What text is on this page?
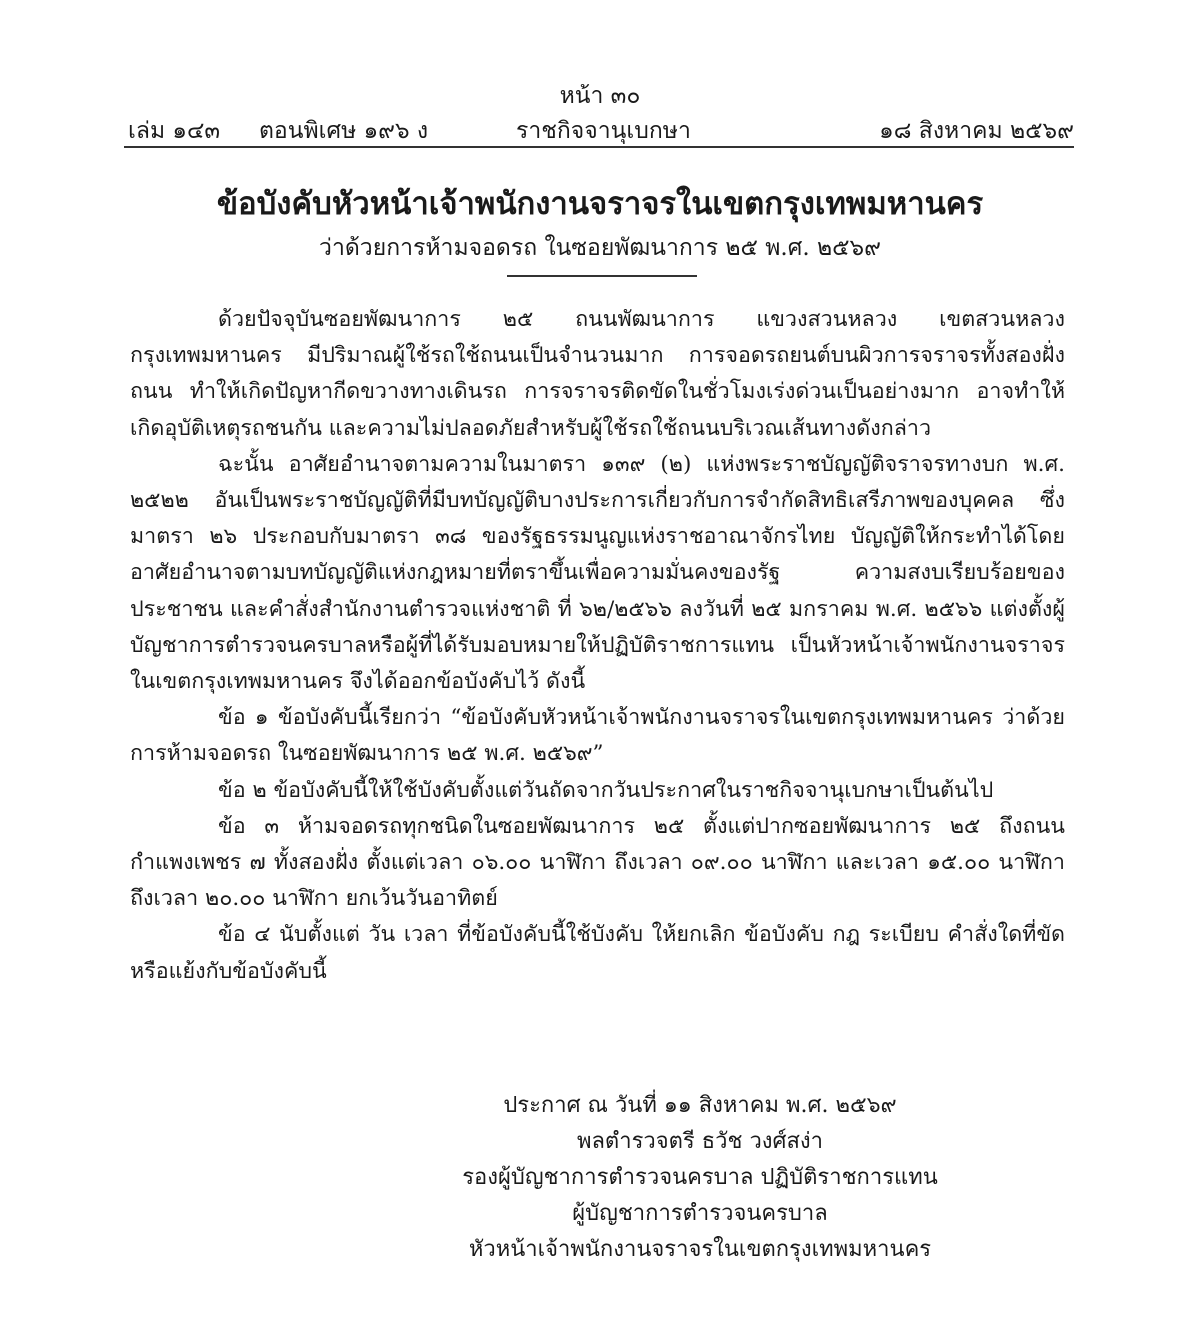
หน้า ๓๐
เล่ม ๑๔๓ ตอนพิเศษ ๑๙๖ ง	ราชกิจจานุเบกษา	๑๘ สิงหาคม ๒๕๖๙
ข้อบังคับหัวหน้าเจ้าพนักงานจราจรในเขตกรุงเทพมหานคร
ว่าด้วยการห้ามจอดรถ ในซอยพัฒนาการ ๒๕ พ.ศ. ๒๕๖๙

ด้วยปัจจุบันซอยพัฒนาการ ๒๕ ถนนพัฒนาการ แขวงสวนหลวง เขตสวนหลวง กรุงเทพมหานคร มีปริมาณผู้ใช้รถใช้ถนนเป็นจำนวนมาก การจอดรถยนต์บนผิวการจราจรทั้งสองฝั่งถนน ทำให้เกิดปัญหากีดขวางทางเดินรถ การจราจรติดขัดในชั่วโมงเร่งด่วนเป็นอย่างมาก อาจทำให้เกิดอุบัติเหตุรถชนกัน และความไม่ปลอดภัยสำหรับผู้ใช้รถใช้ถนนบริเวณเส้นทางดังกล่าว

ฉะนั้น อาศัยอำนาจตามความในมาตรา ๑๓๙ (๒) แห่งพระราชบัญญัติจราจรทางบก พ.ศ. ๒๕๒๒ อันเป็นพระราชบัญญัติที่มีบทบัญญัติบางประการเกี่ยวกับการจำกัดสิทธิเสรีภาพของบุคคล ซึ่งมาตรา ๒๖ ประกอบกับมาตรา ๓๘ ของรัฐธรรมนูญแห่งราชอาณาจักรไทย บัญญัติให้กระทำได้โดยอาศัยอำนาจตามบทบัญญัติแห่งกฎหมายที่ตราขึ้นเพื่อความมั่นคงของรัฐ ความสงบเรียบร้อยของประชาชน และคำสั่งสำนักงานตำรวจแห่งชาติ ที่ ๖๒/๒๕๖๖ ลงวันที่ ๒๕ มกราคม พ.ศ. ๒๕๖๖ แต่งตั้งผู้บัญชาการตำรวจนครบาลหรือผู้ที่ได้รับมอบหมายให้ปฏิบัติราชการแทน เป็นหัวหน้าเจ้าพนักงานจราจรในเขตกรุงเทพมหานคร จึงได้ออกข้อบังคับไว้ ดังนี้

ข้อ ๑ ข้อบังคับนี้เรียกว่า “ข้อบังคับหัวหน้าเจ้าพนักงานจราจรในเขตกรุงเทพมหานคร ว่าด้วยการห้ามจอดรถ ในซอยพัฒนาการ ๒๕ พ.ศ. ๒๕๖๙”

ข้อ ๒ ข้อบังคับนี้ให้ใช้บังคับตั้งแต่วันถัดจากวันประกาศในราชกิจจานุเบกษาเป็นต้นไป

ข้อ ๓ ห้ามจอดรถทุกชนิดในซอยพัฒนาการ ๒๕ ตั้งแต่ปากซอยพัฒนาการ ๒๕ ถึงถนนกำแพงเพชร ๗ ทั้งสองฝั่ง ตั้งแต่เวลา ๐๖.๐๐ นาฬิกา ถึงเวลา ๐๙.๐๐ นาฬิกา และเวลา ๑๕.๐๐ นาฬิกา ถึงเวลา ๒๐.๐๐ นาฬิกา ยกเว้นวันอาทิตย์

ข้อ ๔ นับตั้งแต่ วัน เวลา ที่ข้อบังคับนี้ใช้บังคับ ให้ยกเลิก ข้อบังคับ กฎ ระเบียบ คำสั่งใดที่ขัดหรือแย้งกับข้อบังคับนี้

ประกาศ ณ วันที่ ๑๑ สิงหาคม พ.ศ. ๒๕๖๙
พลตำรวจตรี ธวัช วงศ์สง่า
รองผู้บัญชาการตำรวจนครบาล ปฏิบัติราชการแทน
ผู้บัญชาการตำรวจนครบาล
หัวหน้าเจ้าพนักงานจราจรในเขตกรุงเทพมหานคร
